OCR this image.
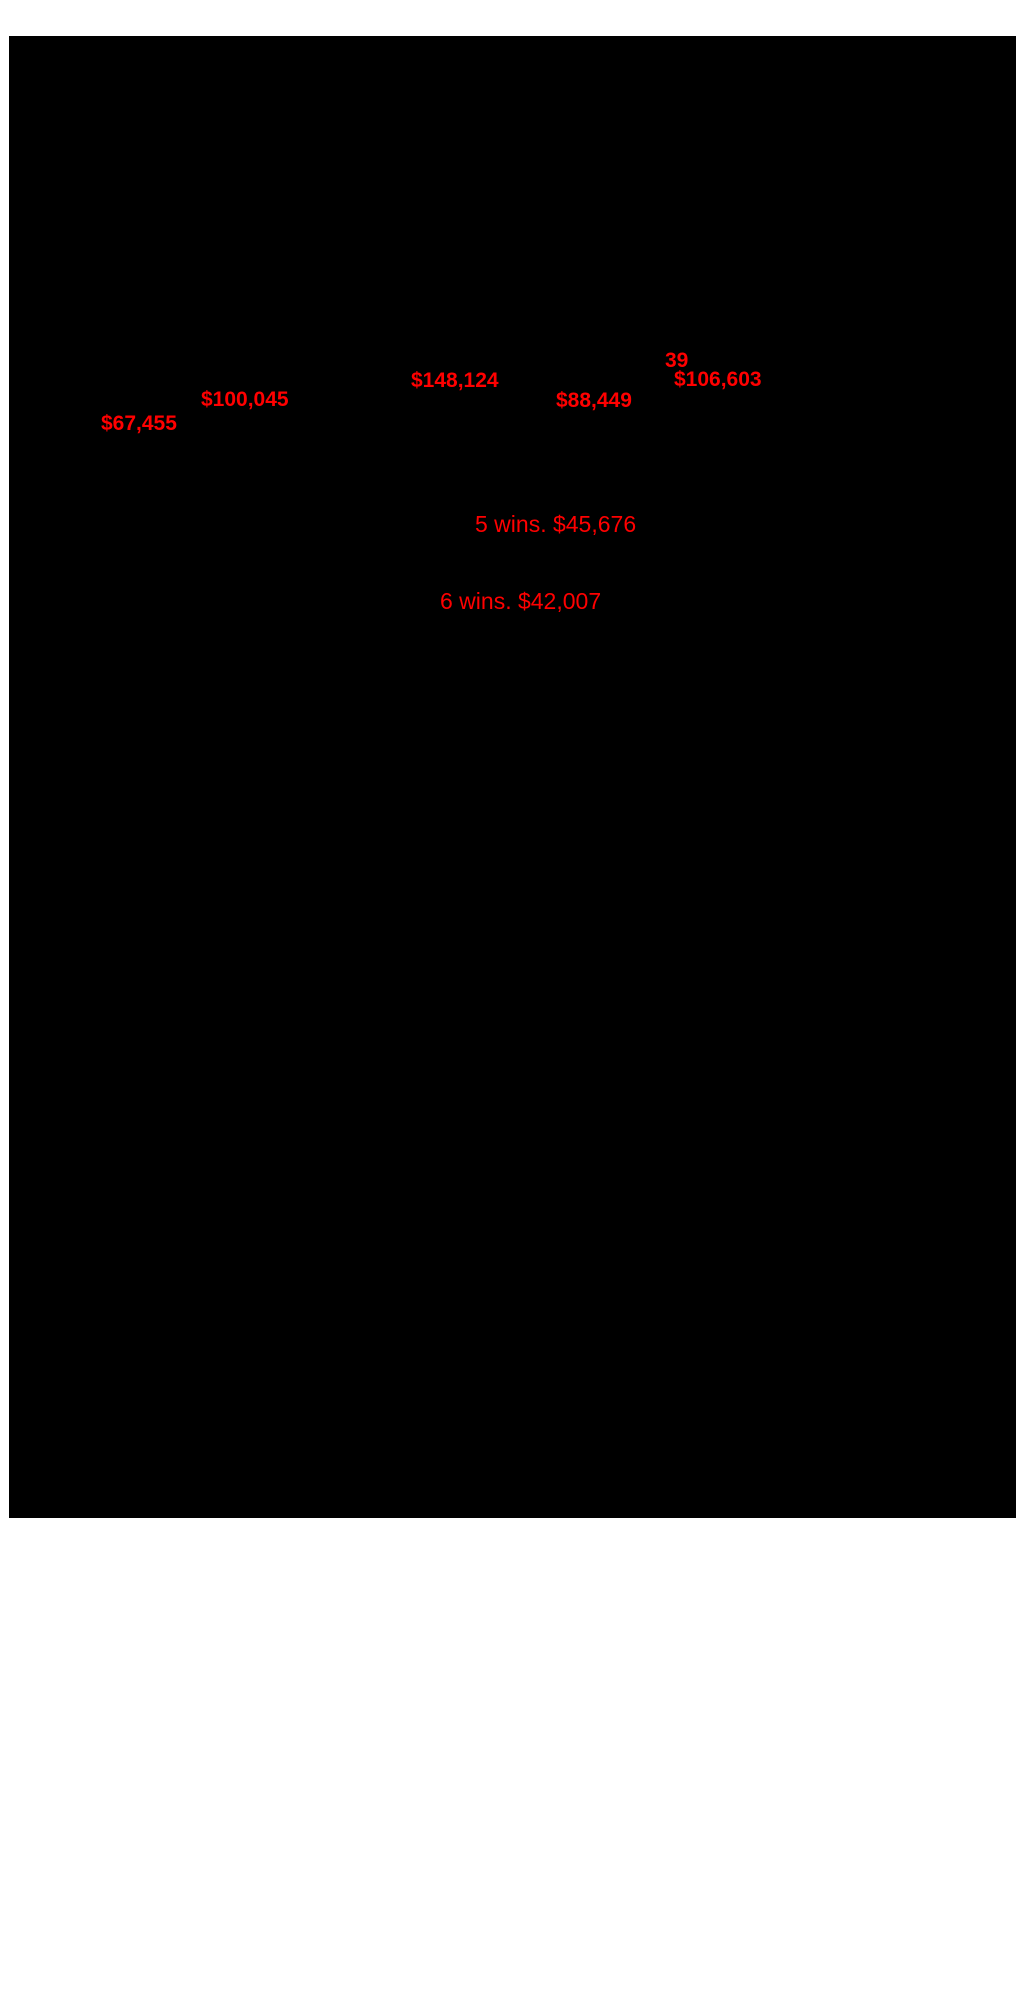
$67,455
$100,045
$148,124
$88,449
39
$106,603
5 wins. $45,676
6 wins. $42,007
